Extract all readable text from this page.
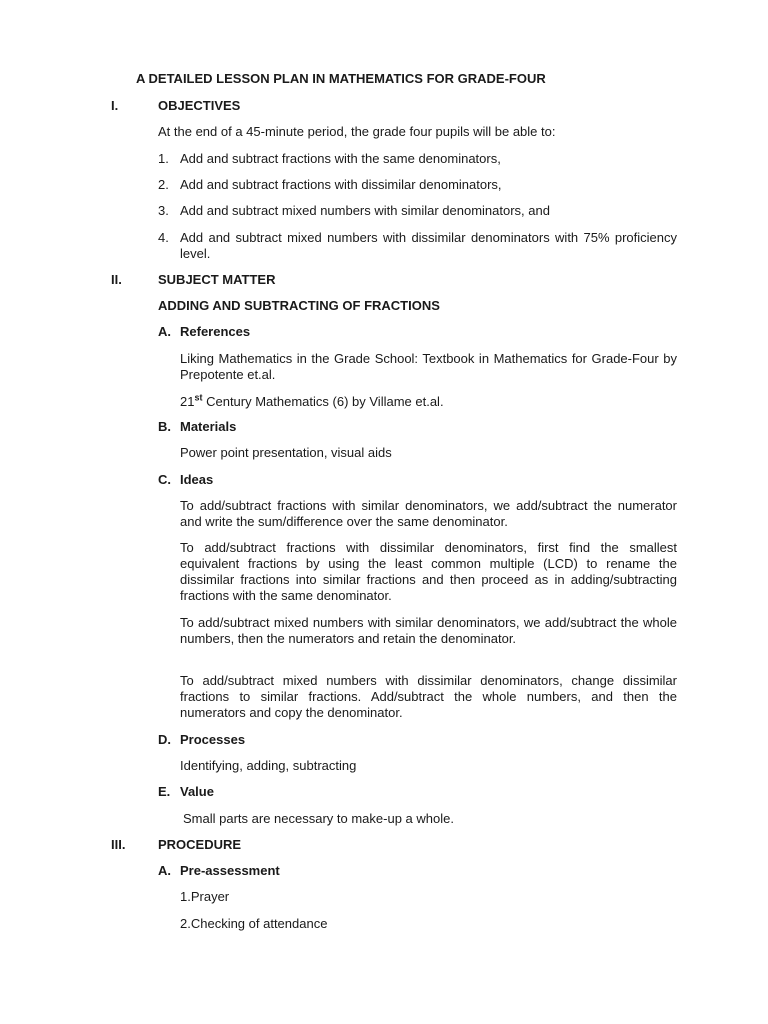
A DETAILED LESSON PLAN IN MATHEMATICS FOR GRADE-FOUR

I.	OBJECTIVES

At the end of a 45-minute period, the grade four pupils will be able to:

1. Add and subtract fractions with the same denominators,

2. Add and subtract fractions with dissimilar denominators,

3. Add and subtract mixed numbers with similar denominators, and

4. Add and subtract mixed numbers with dissimilar denominators with 75% proficiency level.

II.	SUBJECT MATTER

ADDING AND SUBTRACTING OF FRACTIONS

A. References

Liking Mathematics in the Grade School: Textbook in Mathematics for Grade-Four by Prepotente et.al.

21st Century Mathematics (6) by Villame et.al.

B. Materials

Power point presentation, visual aids

C. Ideas

To add/subtract fractions with similar denominators, we add/subtract the numerator and write the sum/difference over the same denominator.

To add/subtract fractions with dissimilar denominators, first find the smallest equivalent fractions by using the least common multiple (LCD) to rename the dissimilar fractions into similar fractions and then proceed as in adding/subtracting fractions with the same denominator.

To add/subtract mixed numbers with similar denominators, we add/subtract the whole numbers, then the numerators and retain the denominator.

To add/subtract mixed numbers with dissimilar denominators, change dissimilar fractions to similar fractions. Add/subtract the whole numbers, and then the numerators and copy the denominator.

D. Processes

Identifying, adding, subtracting

E. Value

Small parts are necessary to make-up a whole.

III.	PROCEDURE

A. Pre-assessment

1.Prayer

2.Checking of attendance
